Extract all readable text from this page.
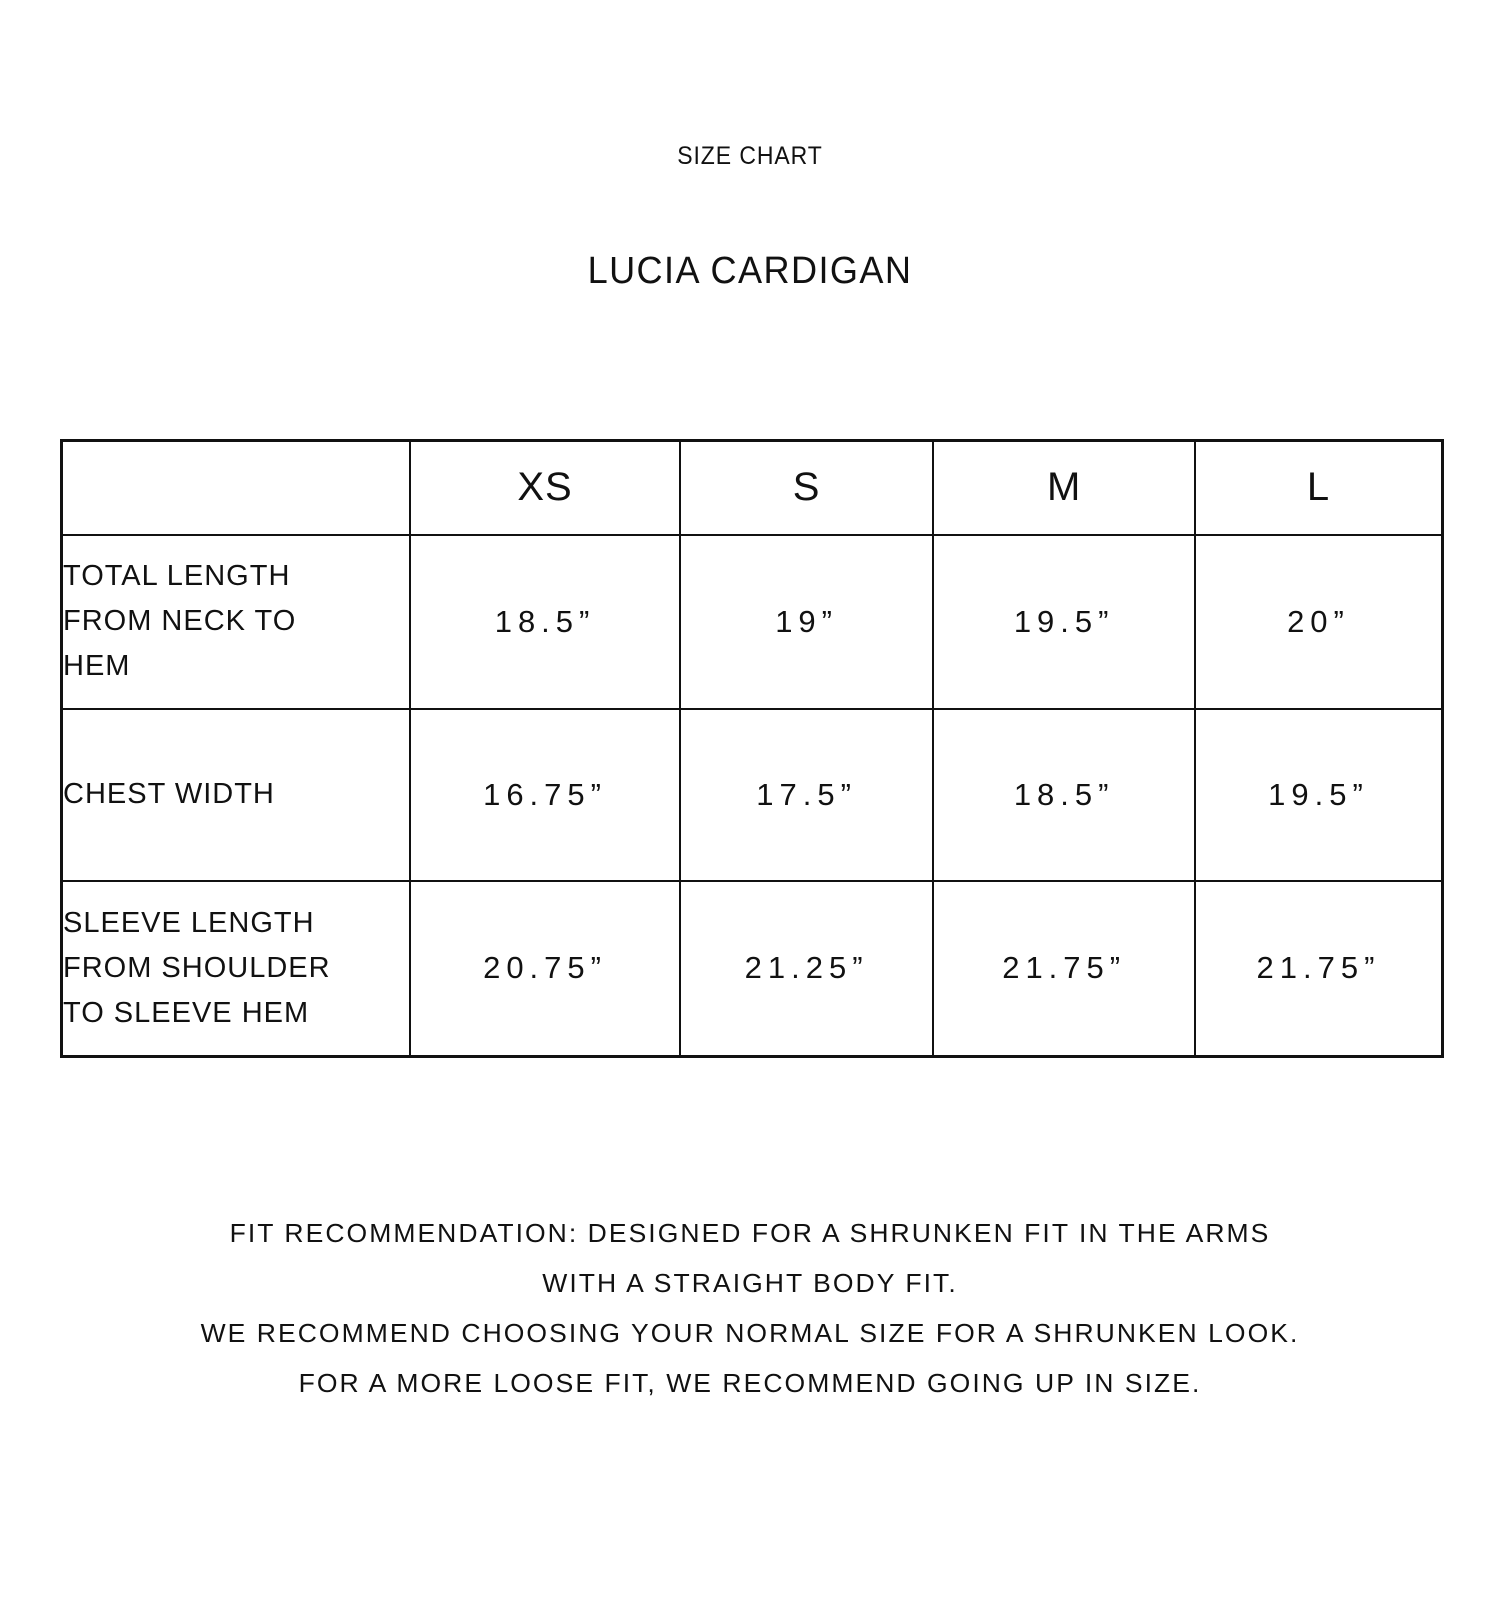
SIZE CHART
LUCIA CARDIGAN
	XS	S	M	L

TOTAL LENGTH
FROM NECK TO
HEM	18.5”	19”	19.5”	20”

CHEST WIDTH	16.75”	17.5”	18.5”	19.5”

SLEEVE LENGTH
FROM SHOULDER
TO SLEEVE HEM	20.75”	21.25”	21.75”	21.75”
FIT RECOMMENDATION: DESIGNED FOR A SHRUNKEN FIT IN THE ARMS
WITH A STRAIGHT BODY FIT.
WE RECOMMEND CHOOSING YOUR NORMAL SIZE FOR A SHRUNKEN LOOK.
FOR A MORE LOOSE FIT, WE RECOMMEND GOING UP IN SIZE.
